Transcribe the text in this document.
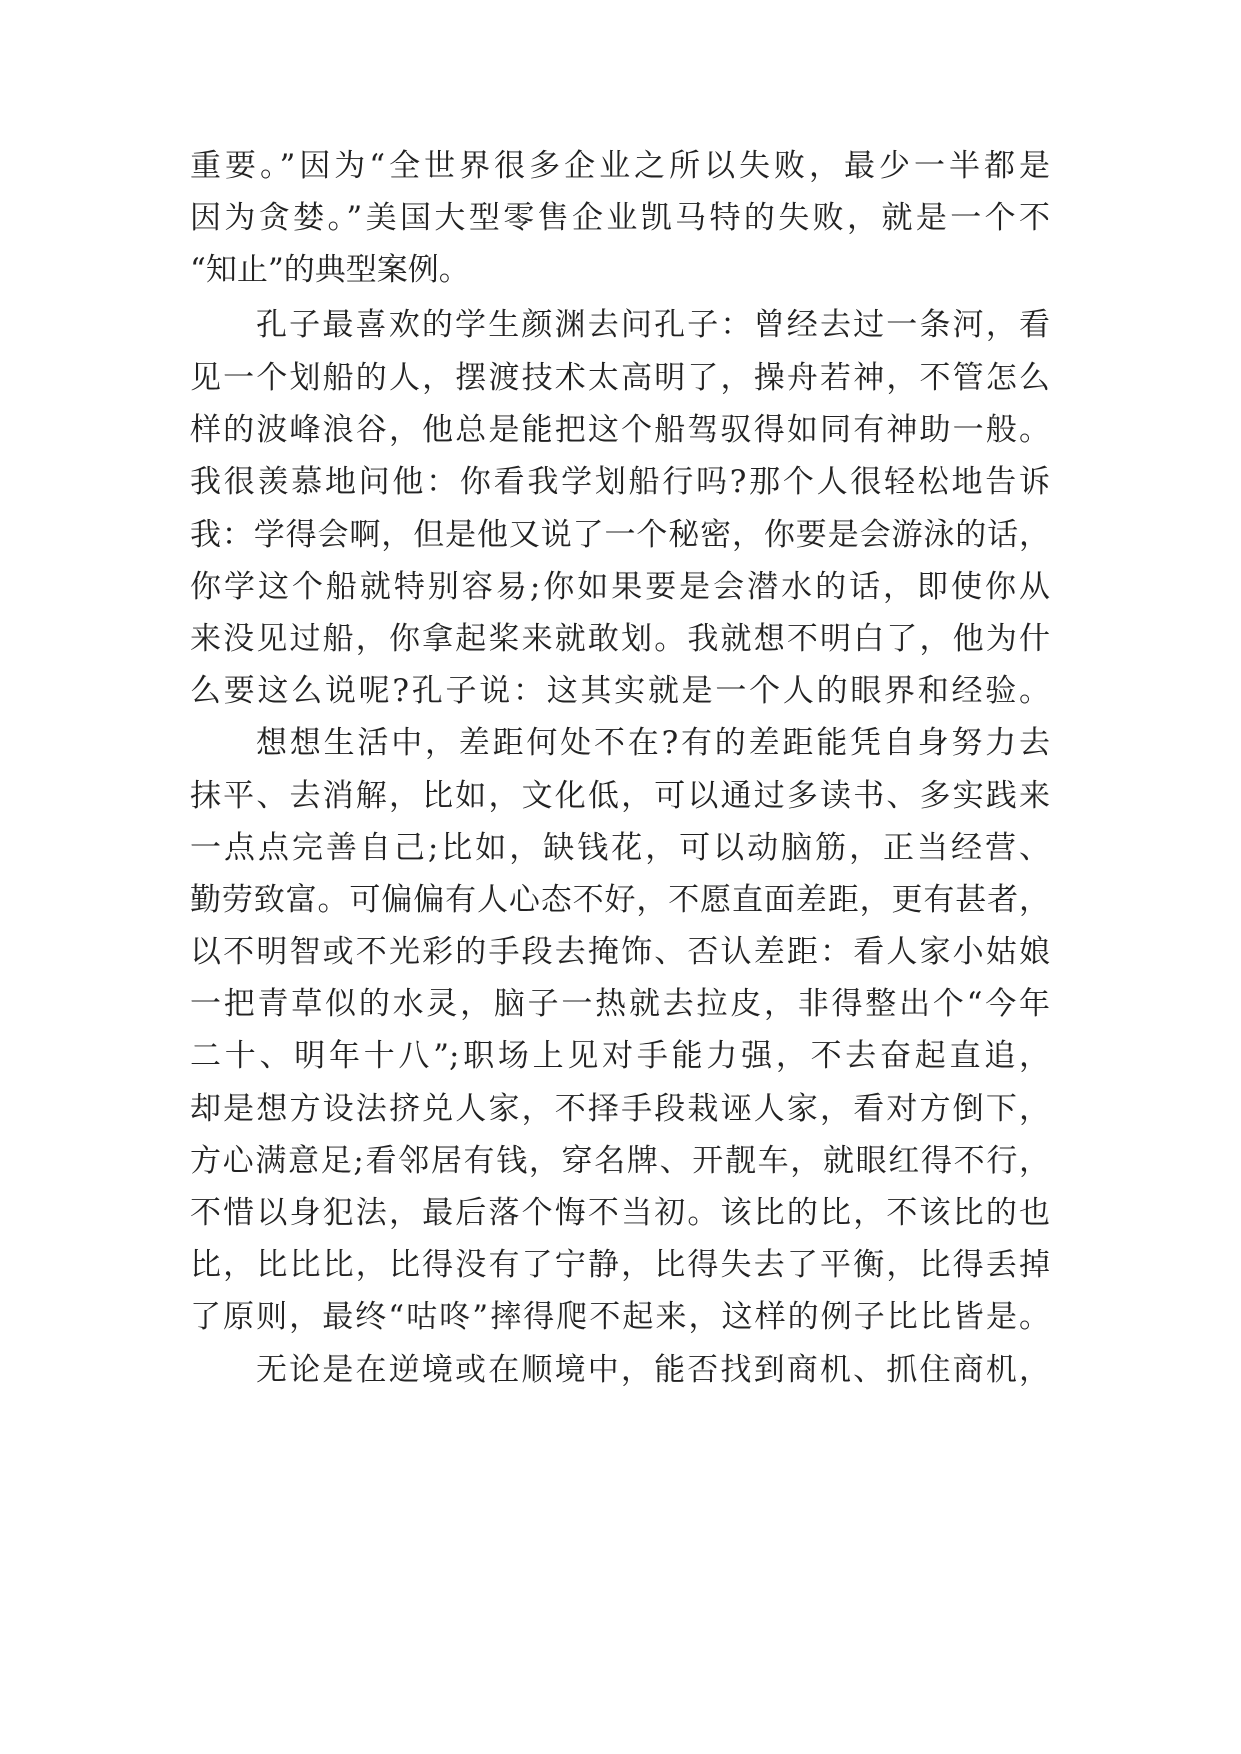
重要。”因为“全世界很多企业之所以失败，最少一半都是
因为贪婪。”美国大型零售企业凯马特的失败，就是一个不
“知止”的典型案例。
孔子最喜欢的学生颜渊去问孔子：曾经去过一条河，看
见一个划船的人，摆渡技术太高明了，操舟若神，不管怎么
样的波峰浪谷，他总是能把这个船驾驭得如同有神助一般。
我很羡慕地问他：你看我学划船行吗?那个人很轻松地告诉
我：学得会啊，但是他又说了一个秘密，你要是会游泳的话，
你学这个船就特别容易;你如果要是会潜水的话，即使你从
来没见过船，你拿起桨来就敢划。我就想不明白了，他为什
么要这么说呢?孔子说：这其实就是一个人的眼界和经验。
想想生活中，差距何处不在?有的差距能凭自身努力去
抹平、去消解，比如，文化低，可以通过多读书、多实践来
一点点完善自己;比如，缺钱花，可以动脑筋，正当经营、
勤劳致富。可偏偏有人心态不好，不愿直面差距，更有甚者，
以不明智或不光彩的手段去掩饰、否认差距：看人家小姑娘
一把青草似的水灵，脑子一热就去拉皮，非得整出个“今年
二十、明年十八”;职场上见对手能力强，不去奋起直追，
却是想方设法挤兑人家，不择手段栽诬人家，看对方倒下，
方心满意足;看邻居有钱，穿名牌、开靓车，就眼红得不行，
不惜以身犯法，最后落个悔不当初。该比的比，不该比的也
比，比比比，比得没有了宁静，比得失去了平衡，比得丢掉
了原则，最终“咕咚”摔得爬不起来，这样的例子比比皆是。
无论是在逆境或在顺境中，能否找到商机、抓住商机，
